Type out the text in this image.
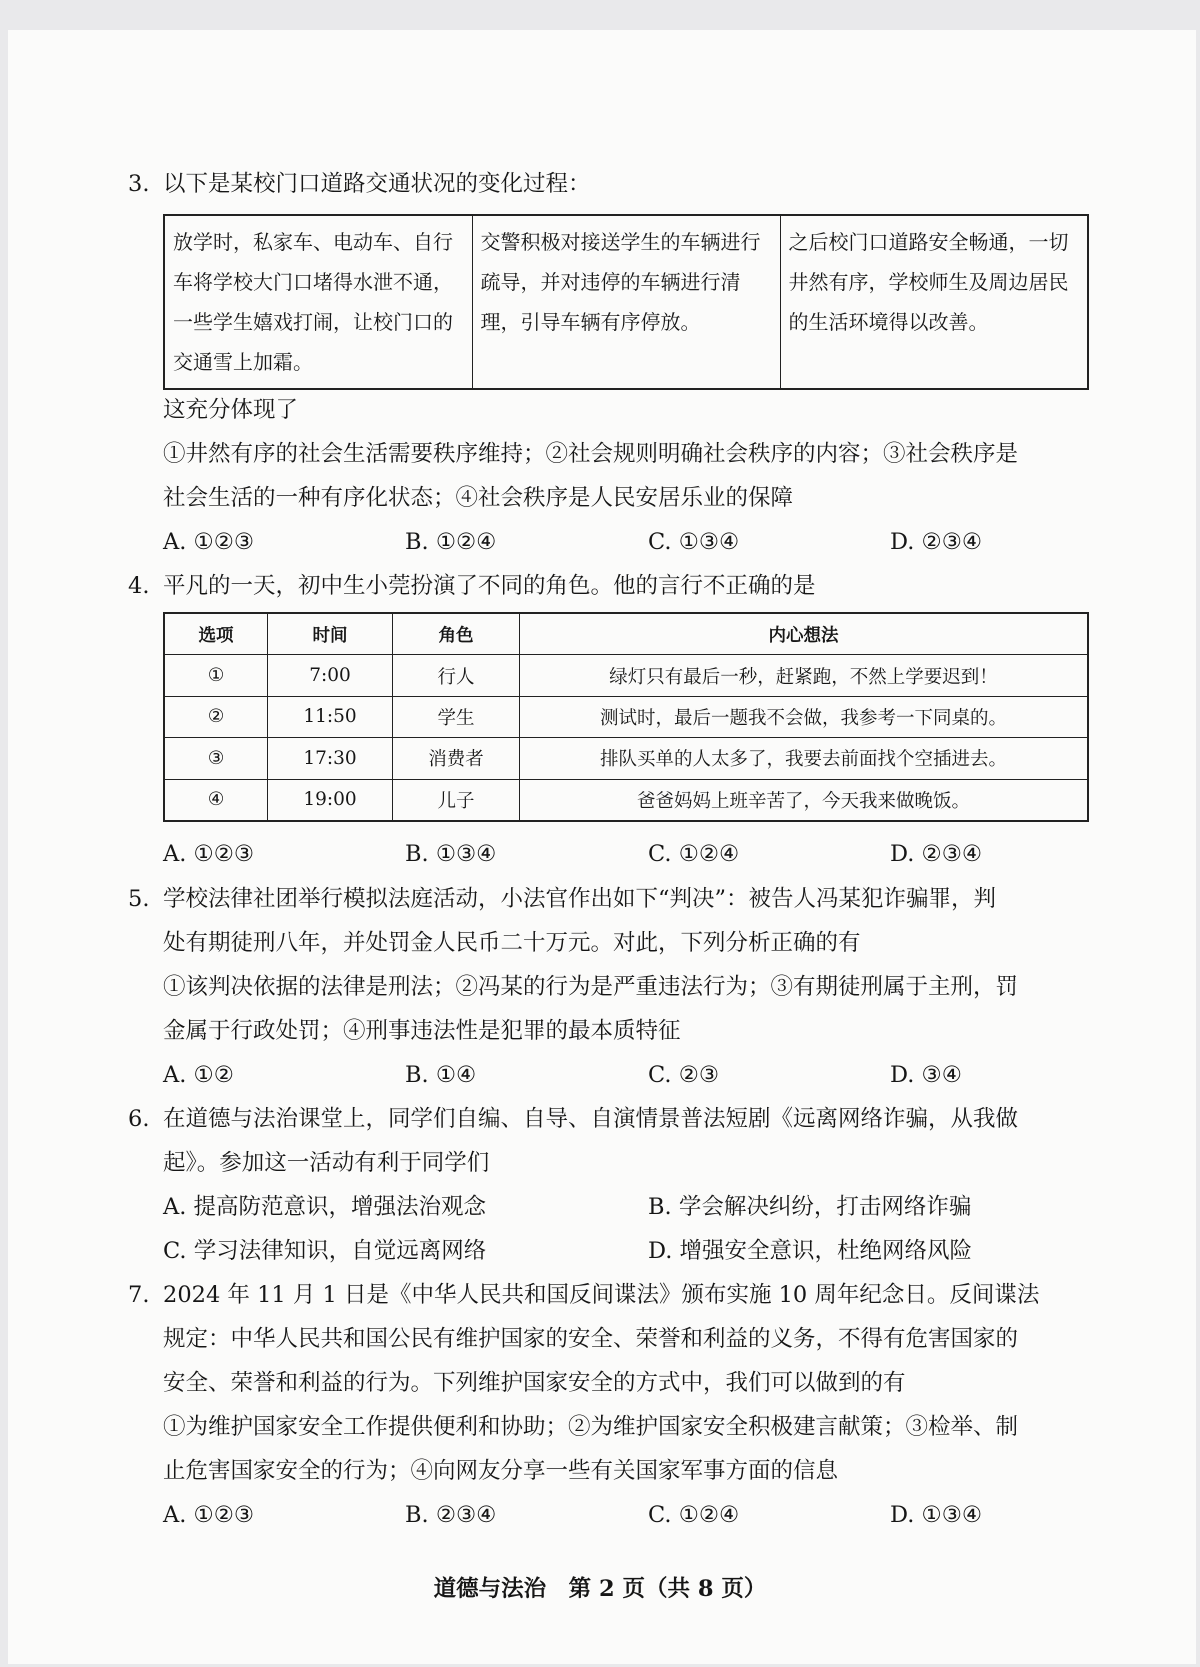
3. 以下是某校门口道路交通状况的变化过程：
放学时，私家车、电动车、自行车将学校大门口堵得水泄不通，一些学生嬉戏打闹，让校门口的交通雪上加霜。	交警积极对接送学生的车辆进行疏导，并对违停的车辆进行清理，引导车辆有序停放。	之后校门口道路安全畅通，一切井然有序，学校师生及周边居民的生活环境得以改善。
这充分体现了
①井然有序的社会生活需要秩序维持；②社会规则明确社会秩序的内容；③社会秩序是
社会生活的一种有序化状态；④社会秩序是人民安居乐业的保障
A. ①②③	B. ①②④	C. ①③④	D. ②③④
4. 平凡的一天，初中生小莞扮演了不同的角色。他的言行不正确的是
选项	时间	角色	内心想法
①	7:00	行人	绿灯只有最后一秒，赶紧跑，不然上学要迟到！
②	11:50	学生	测试时，最后一题我不会做，我参考一下同桌的。
③	17:30	消费者	排队买单的人太多了，我要去前面找个空插进去。
④	19:00	儿子	爸爸妈妈上班辛苦了，今天我来做晚饭。
A. ①②③	B. ①③④	C. ①②④	D. ②③④
5. 学校法律社团举行模拟法庭活动，小法官作出如下“判决”：被告人冯某犯诈骗罪，判
处有期徒刑八年，并处罚金人民币二十万元。对此，下列分析正确的有
①该判决依据的法律是刑法；②冯某的行为是严重违法行为；③有期徒刑属于主刑，罚
金属于行政处罚；④刑事违法性是犯罪的最本质特征
A. ①②	B. ①④	C. ②③	D. ③④
6. 在道德与法治课堂上，同学们自编、自导、自演情景普法短剧《远离网络诈骗，从我做
起》。参加这一活动有利于同学们
A. 提高防范意识，增强法治观念	B. 学会解决纠纷，打击网络诈骗
C. 学习法律知识，自觉远离网络	D. 增强安全意识，杜绝网络风险
7. 2024 年 11 月 1 日是《中华人民共和国反间谍法》颁布实施 10 周年纪念日。反间谍法
规定：中华人民共和国公民有维护国家的安全、荣誉和利益的义务，不得有危害国家的
安全、荣誉和利益的行为。下列维护国家安全的方式中，我们可以做到的有
①为维护国家安全工作提供便利和协助；②为维护国家安全积极建言献策；③检举、制
止危害国家安全的行为；④向网友分享一些有关国家军事方面的信息
A. ①②③	B. ②③④	C. ①②④	D. ①③④
道德与法治　第 2 页（共 8 页）
